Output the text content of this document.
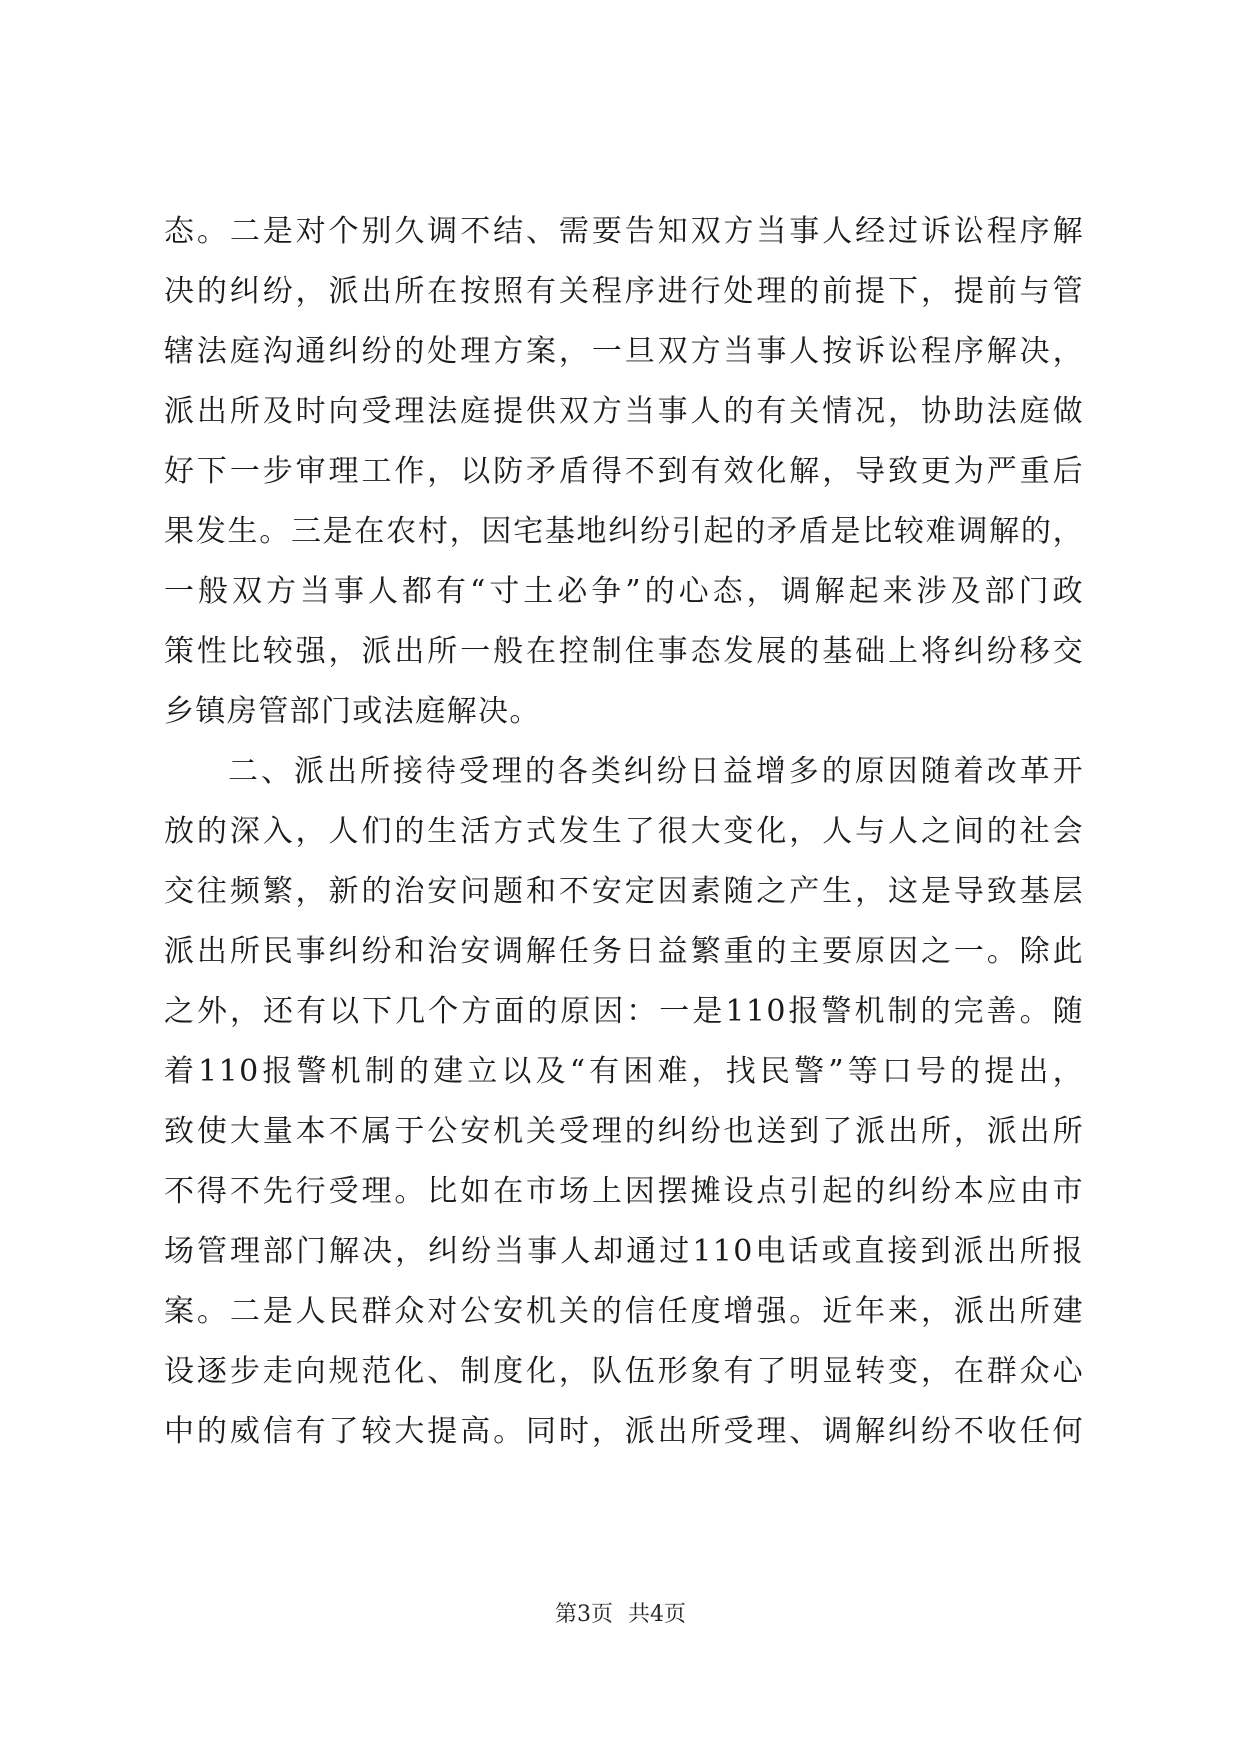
态。二是对个别久调不结、需要告知双方当事人经过诉讼程序解
决的纠纷，派出所在按照有关程序进行处理的前提下，提前与管
辖法庭沟通纠纷的处理方案，一旦双方当事人按诉讼程序解决，
派出所及时向受理法庭提供双方当事人的有关情况，协助法庭做
好下一步审理工作，以防矛盾得不到有效化解，导致更为严重后
果发生。三是在农村，因宅基地纠纷引起的矛盾是比较难调解的，
一般双方当事人都有“寸土必争”的心态，调解起来涉及部门政
策性比较强，派出所一般在控制住事态发展的基础上将纠纷移交
乡镇房管部门或法庭解决。
二、派出所接待受理的各类纠纷日益增多的原因随着改革开
放的深入，人们的生活方式发生了很大变化，人与人之间的社会
交往频繁，新的治安问题和不安定因素随之产生，这是导致基层
派出所民事纠纷和治安调解任务日益繁重的主要原因之一。除此
之外，还有以下几个方面的原因：一是110报警机制的完善。随
着110报警机制的建立以及“有困难，找民警”等口号的提出，
致使大量本不属于公安机关受理的纠纷也送到了派出所，派出所
不得不先行受理。比如在市场上因摆摊设点引起的纠纷本应由市
场管理部门解决，纠纷当事人却通过110电话或直接到派出所报
案。二是人民群众对公安机关的信任度增强。近年来，派出所建
设逐步走向规范化、制度化，队伍形象有了明显转变，在群众心
中的威信有了较大提高。同时，派出所受理、调解纠纷不收任何
第3页 共4页
